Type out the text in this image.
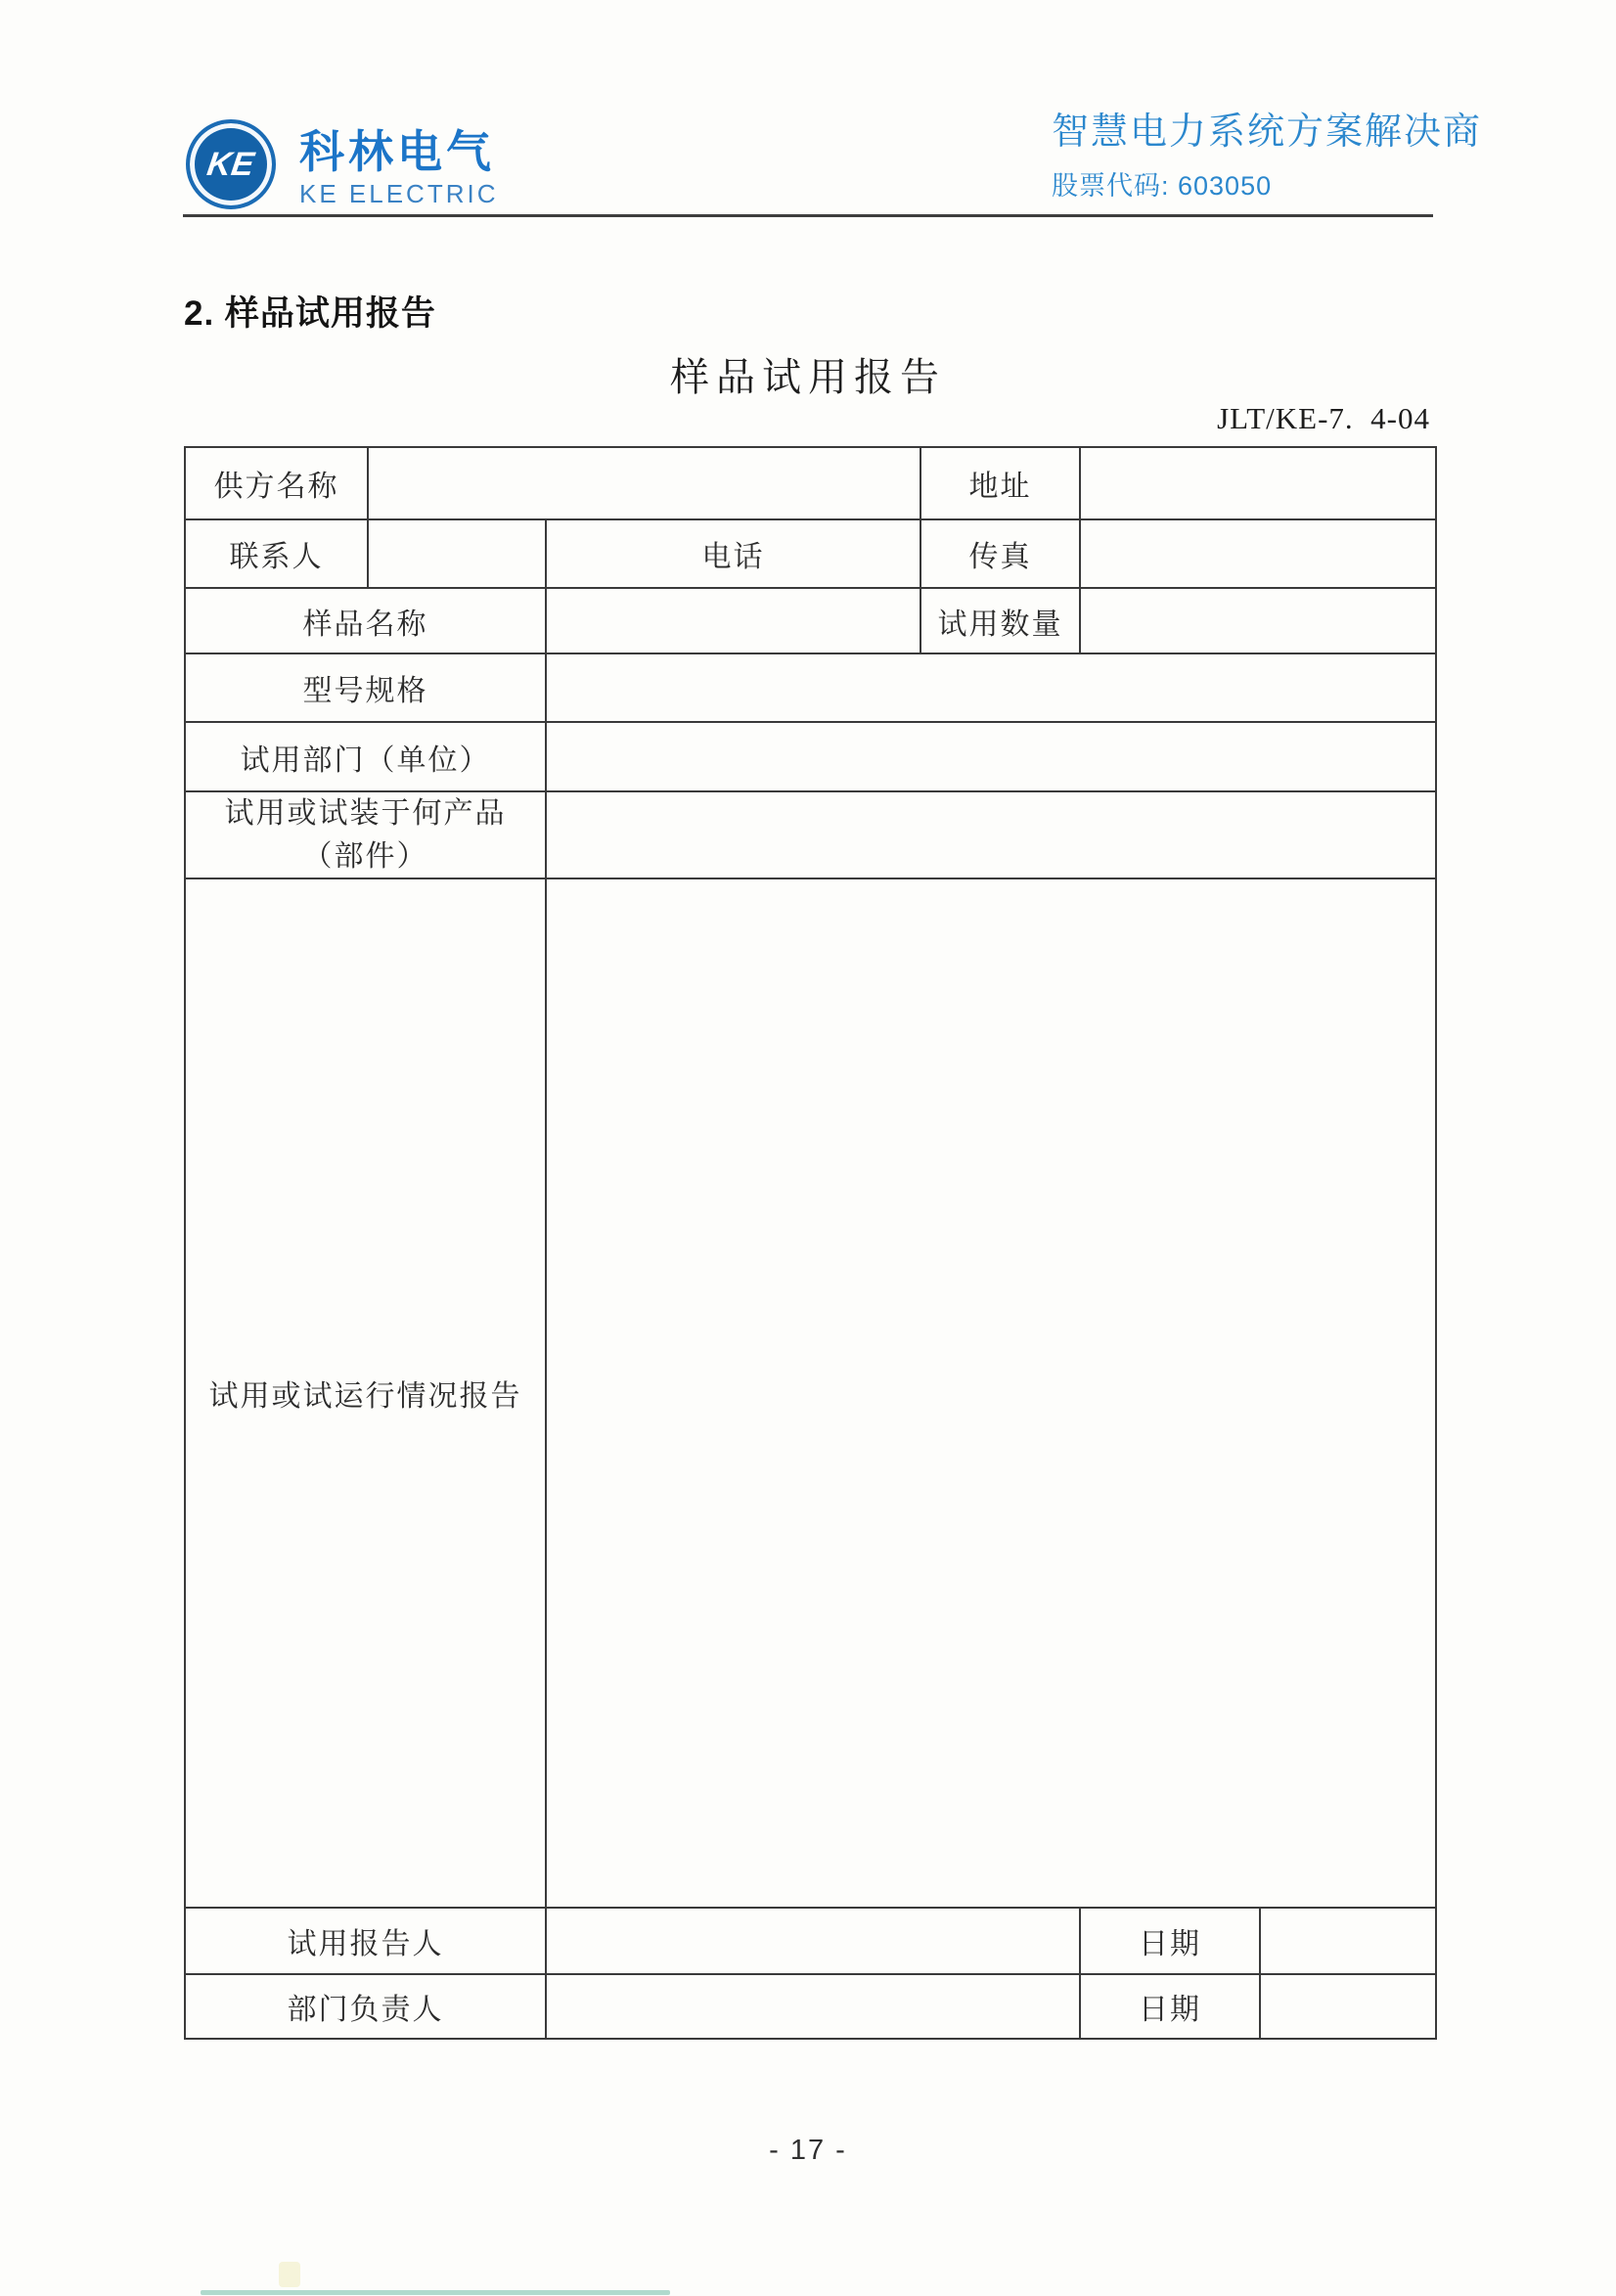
KE 科林电气
KE ELECTRIC
智慧电力系统方案解决商
股票代码: 603050
2. 样品试用报告
样品试用报告
JLT/KE-7.  4-04
供方名称			地址		
联系人		电话	传真		
样品名称			试用数量		
型号规格					
试用部门（单位）					

试用或试装于何产品
（部件）					

试用或试运行情况报告					
试用报告人				日期	
部门负责人				日期	
- 17 -
